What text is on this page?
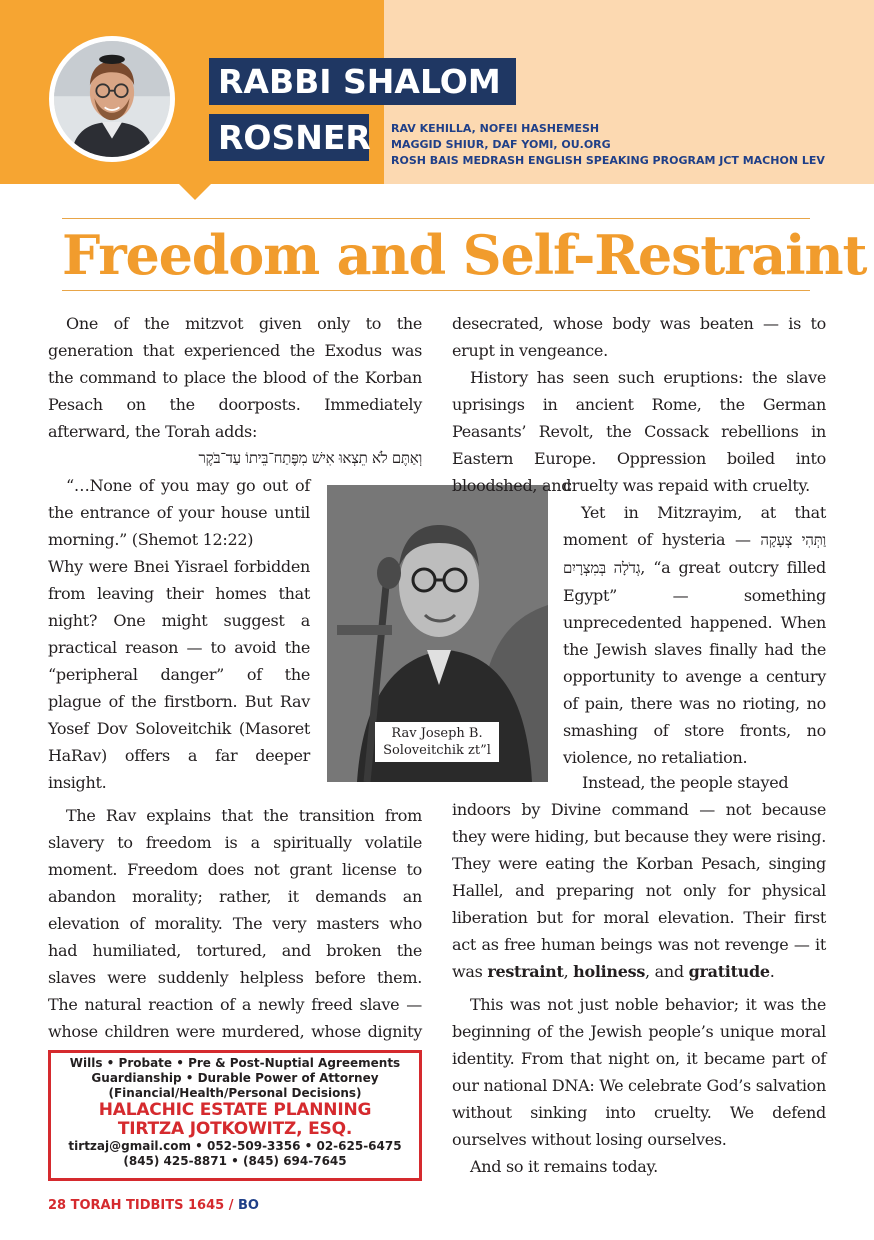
RABBI SHALOM
ROSNER RAV KEHILLA, NOFEI HASHEMESH
MAGGID SHIUR, DAF YOMI, OU.ORG
ROSH BAIS MEDRASH ENGLISH SPEAKING PROGRAM JCT MACHON LEV
Freedom and Self-Restraint

One of the mitzvot given only to the generation that experienced the Exodus was the command to place the blood of the Korban Pesach on the doorposts. Immediately afterward, the Torah adds:

וְאַתֶּם לֹא תֵצְאוּ אִישׁ מִפֶּתַח־בֵּיתוֹ עַד־בֹּקֶר

“…None of you may go out of the entrance of your house until morning.” (Shemot 12:22)

Why were Bnei Yisrael forbidden from leaving their homes that night? One might suggest a practical reason — to avoid the “peripheral danger” of the plague of the firstborn. But Rav Yosef Dov Soloveitchik (Masoret HaRav) offers a far deeper insight.

The Rav explains that the transition from slavery to freedom is a spiritually volatile moment. Freedom does not grant license to abandon morality; rather, it demands an elevation of morality. The very masters who had humiliated, tortured, and broken the slaves were suddenly helpless before them. The natural reaction of a newly freed slave — whose children were murdered, whose dignity

Rav Joseph B.
Soloveitchik zt”l

desecrated, whose body was beaten — is to erupt in vengeance.

History has seen such eruptions: the slave uprisings in ancient Rome, the German Peasants’ Revolt, the Cossack rebellions in Eastern Europe. Oppression boiled into bloodshed, and

cruelty was repaid with cruelty.

Yet in Mitzrayim, at that moment of hysteria — וַתְּהִי צְעָקָה גְדֹלָה בְּמִצְרָיִם, “a great outcry filled Egypt” — something unprecedented happened. When the Jewish slaves finally had the opportunity to avenge a century of pain, there was no rioting, no smashing of store fronts, no violence, no retaliation.

Instead, the people stayed

indoors by Divine command — not because they were hiding, but because they were rising. They were eating the Korban Pesach, singing Hallel, and preparing not only for physical liberation but for moral elevation. Their first act as free human beings was not revenge — it was restraint, holiness, and gratitude.

This was not just noble behavior; it was the beginning of the Jewish people’s unique moral identity. From that night on, it became part of our national DNA: We celebrate God’s salvation without sinking into cruelty. We defend ourselves without losing ourselves.

And so it remains today.

Wills • Probate • Pre & Post-Nuptial Agreements
Guardianship • Durable Power of Attorney
(Financial/Health/Personal Decisions)
HALACHIC ESTATE PLANNING
TIRTZA JOTKOWITZ, ESQ.
tirtzaj@gmail.com • 052-509-3356 • 02-625-6475
(845) 425-8871 • (845) 694-7645
28 TORAH TIDBITS 1645 / BO
